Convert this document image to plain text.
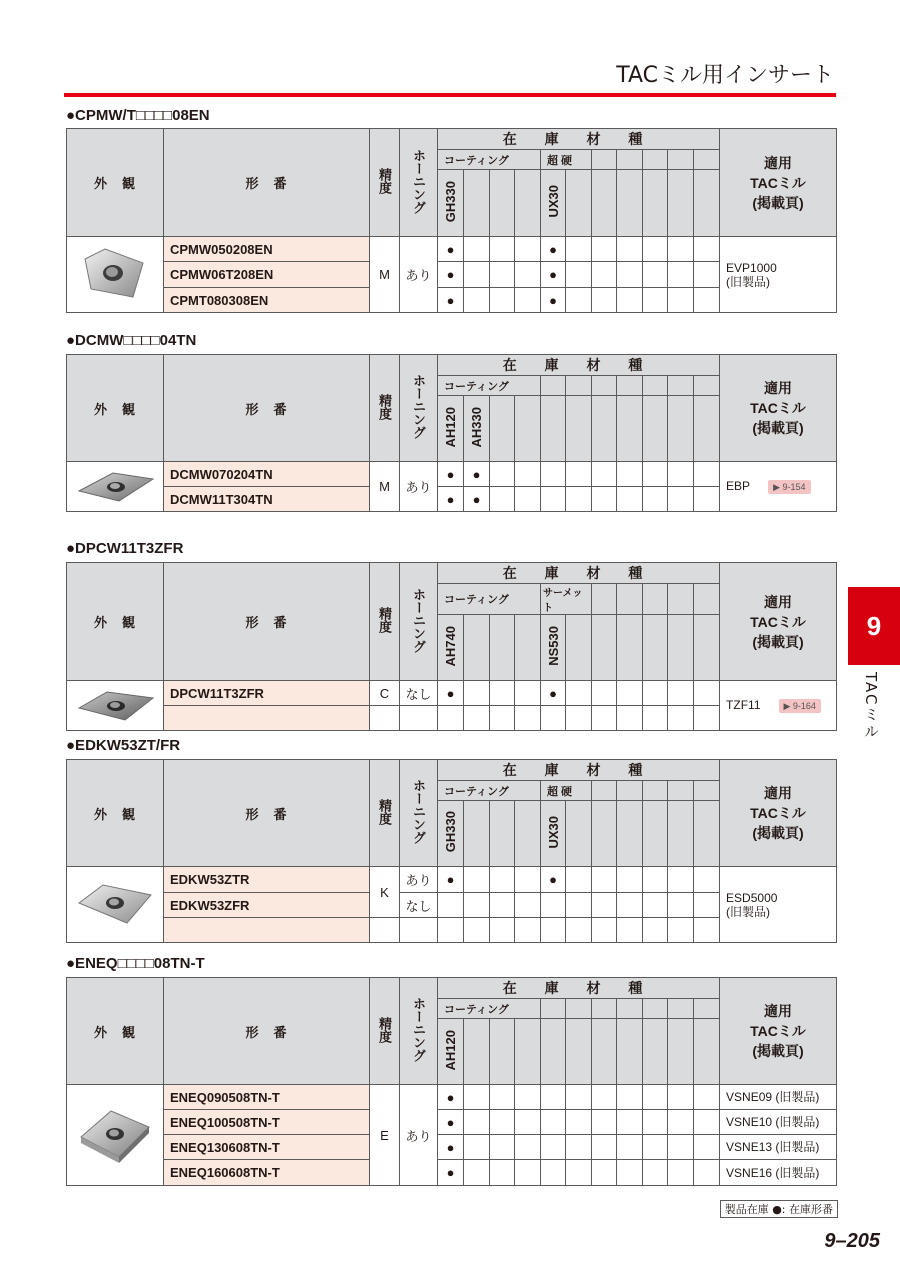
TACミル用インサート
●CPMW/T□□□□08EN
外　観	形　番	精度	ホーニング	在 庫 材 種											適用
TACミル
(掲載頁)
				コーティング				超 硬							
				GH330				UX30							

	CPMW050208EN	M	あり	●				●							EVP1000
(旧製品)

	CPMW06T208EN			●				●							
	CPMT080308EN			●				●							
●DCMW□□□□04TN
外　観	形　番	精度	ホーニング	在 庫 材 種											適用
TACミル
(掲載頁)
				コーティング											
				AH120	AH330										

	DCMW070204TN	M	あり	●	●										EBP ▶ 9-154
	DCMW11T304TN			●	●										
●DPCW11T3ZFR
外　観	形　番	精度	ホーニング	在 庫 材 種											適用
TACミル
(掲載頁)
				コーティング				サーメット							
				AH740				NS530							

	DPCW11T3ZFR	C	なし	●				●							TZF11 ▶ 9-164

●EDKW53ZT/FR
外　観	形　番	精度	ホーニング	在 庫 材 種											適用
TACミル
(掲載頁)
				コーティング				超 硬							
				GH330				UX30							

	EDKW53ZTR	K	あり	●				●							ESD5000
(旧製品)

	EDKW53ZFR		なし												

●ENEQ□□□□08TN-T
外　観	形　番	精度	ホーニング	在 庫 材 種											適用
TACミル
(掲載頁)
				コーティング											
				AH120											

	ENEQ090508TN-T	E	あり	●											VSNE09 (旧製品)
	ENEQ100508TN-T			●											VSNE10 (旧製品)
	ENEQ130608TN-T			●											VSNE13 (旧製品)
	ENEQ160608TN-T			●											VSNE16 (旧製品)
9
TACミル
製品在庫 ●: 在庫形番
9–205
